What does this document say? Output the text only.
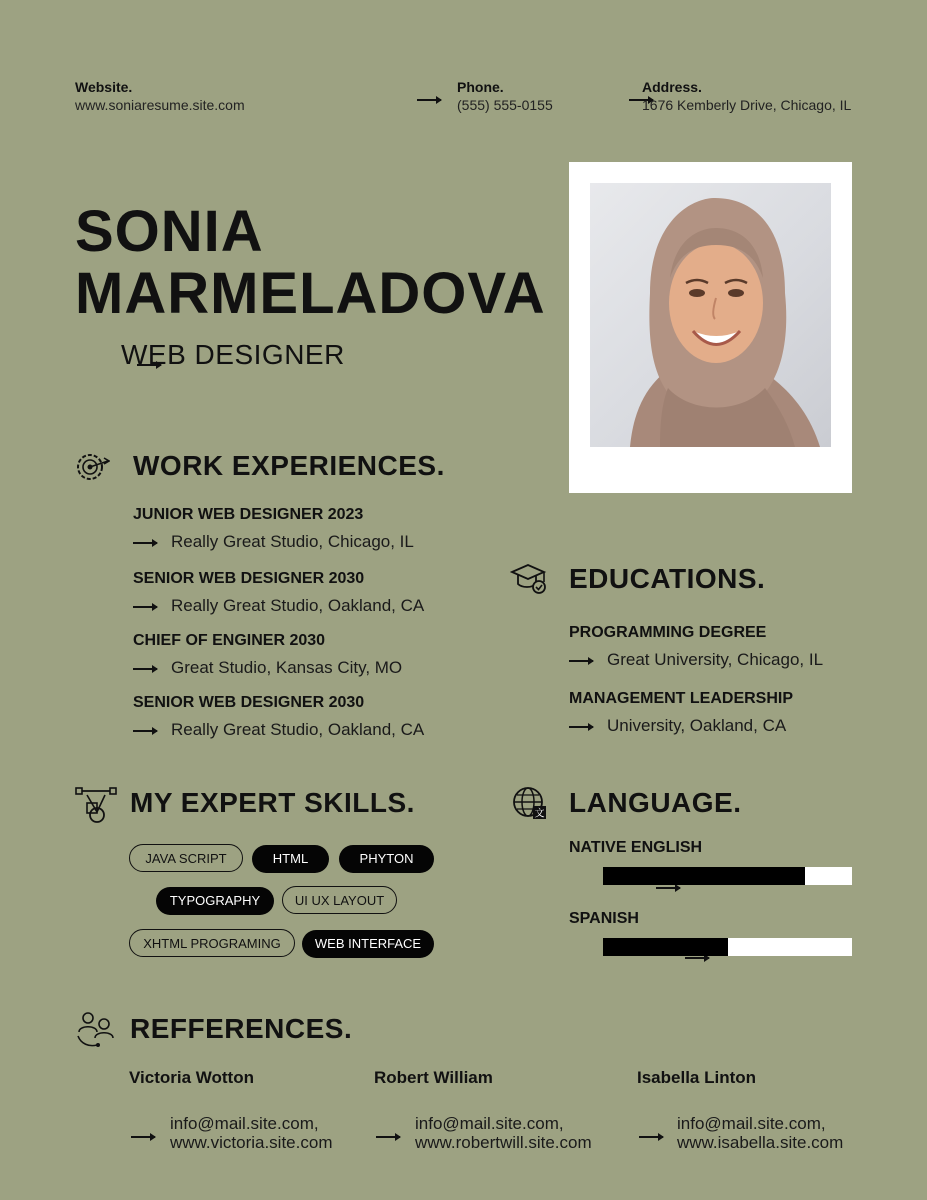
Website.
www.soniaresume.site.com

Phone.
(555) 555-0155

Address.
1676 Kemberly Drive, Chicago, IL
SONIA
MARMELADOVA

WEB DESIGNER
WORK EXPERIENCES.
JUNIOR WEB DESIGNER 2023
Really Great Studio, Chicago, IL
SENIOR WEB DESIGNER 2030
Really Great Studio, Oakland, CA
CHIEF OF ENGINER 2030
Great Studio, Kansas City, MO
SENIOR WEB DESIGNER 2030
Really Great Studio, Oakland, CA
EDUCATIONS.
PROGRAMMING DEGREE
Great University, Chicago, IL
MANAGEMENT LEADERSHIP
University, Oakland, CA
MY EXPERT SKILLS.
JAVA SCRIPT	HTML	PHYTON
TYPOGRAPHY	UI UX LAYOUT
XHTML PROGRAMING	WEB INTERFACE
文 LANGUAGE.
NATIVE ENGLISH

SPANISH
REFFERENCES.
Victoria Wotton
info@mail.site.com,
www.victoria.site.com
Robert William
info@mail.site.com,
www.robertwill.site.com
Isabella Linton
info@mail.site.com,
www.isabella.site.com
